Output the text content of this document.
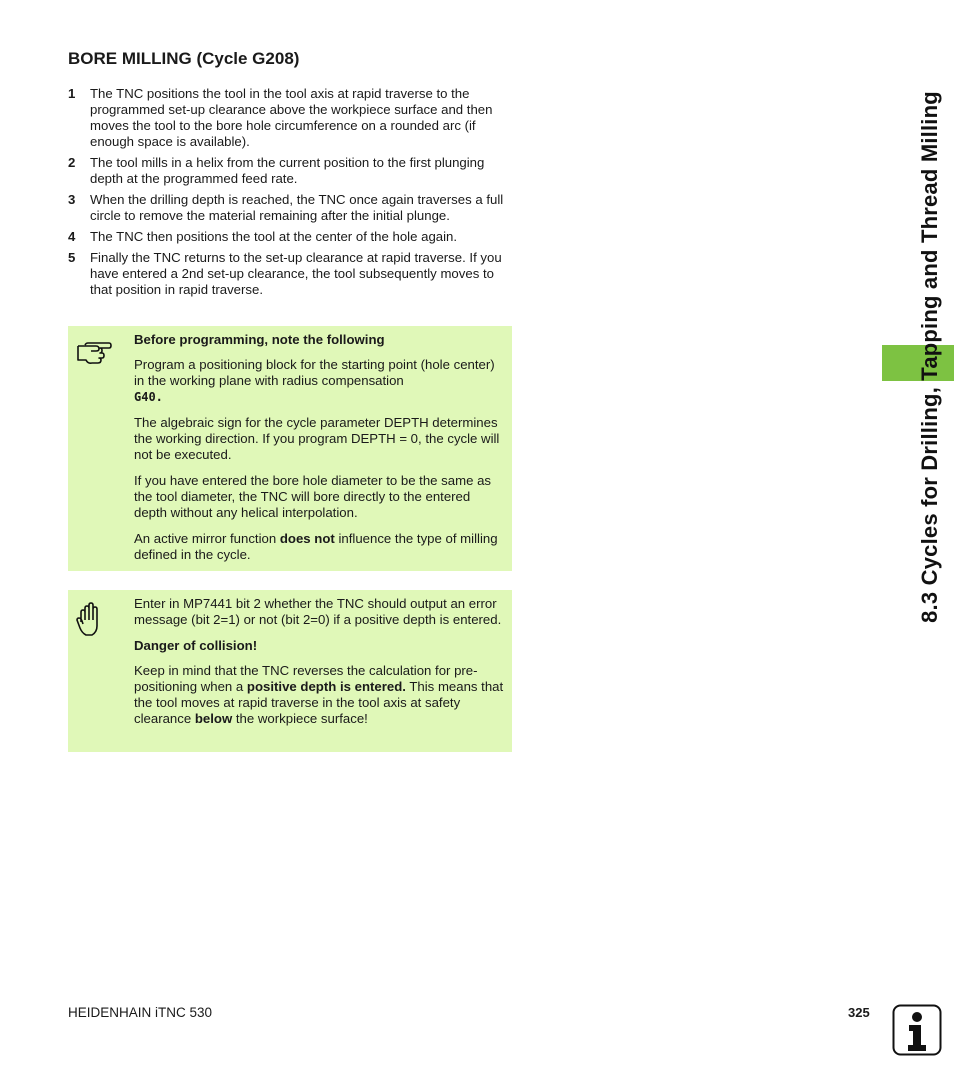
BORE MILLING (Cycle G208)
1 The TNC positions the tool in the tool axis at rapid traverse to the programmed set-up clearance above the workpiece surface and then moves the tool to the bore hole circumference on a rounded arc (if enough space is available).
2 The tool mills in a helix from the current position to the first plunging depth at the programmed feed rate.
3 When the drilling depth is reached, the TNC once again traverses a full circle to remove the material remaining after the initial plunge.
4 The TNC then positions the tool at the center of the hole again.
5 Finally the TNC returns to the set-up clearance at rapid traverse. If you have entered a 2nd set-up clearance, the tool subsequently moves to that position in rapid traverse.

Before programming, note the following

Program a positioning block for the starting point (hole center) in the working plane with radius compensation
G40.

The algebraic sign for the cycle parameter DEPTH determines the working direction. If you program DEPTH = 0, the cycle will not be executed.

If you have entered the bore hole diameter to be the same as the tool diameter, the TNC will bore directly to the entered depth without any helical interpolation.

An active mirror function does not influence the type of milling defined in the cycle.

Enter in MP7441 bit 2 whether the TNC should output an error message (bit 2=1) or not (bit 2=0) if a positive depth is entered.

Danger of collision!

Keep in mind that the TNC reverses the calculation for pre-positioning when a positive depth is entered. This means that the tool moves at rapid traverse in the tool axis at safety clearance below the workpiece surface!

8.3 Cycles for Drilling, Tapping and Thread Milling
HEIDENHAIN iTNC 530	325
